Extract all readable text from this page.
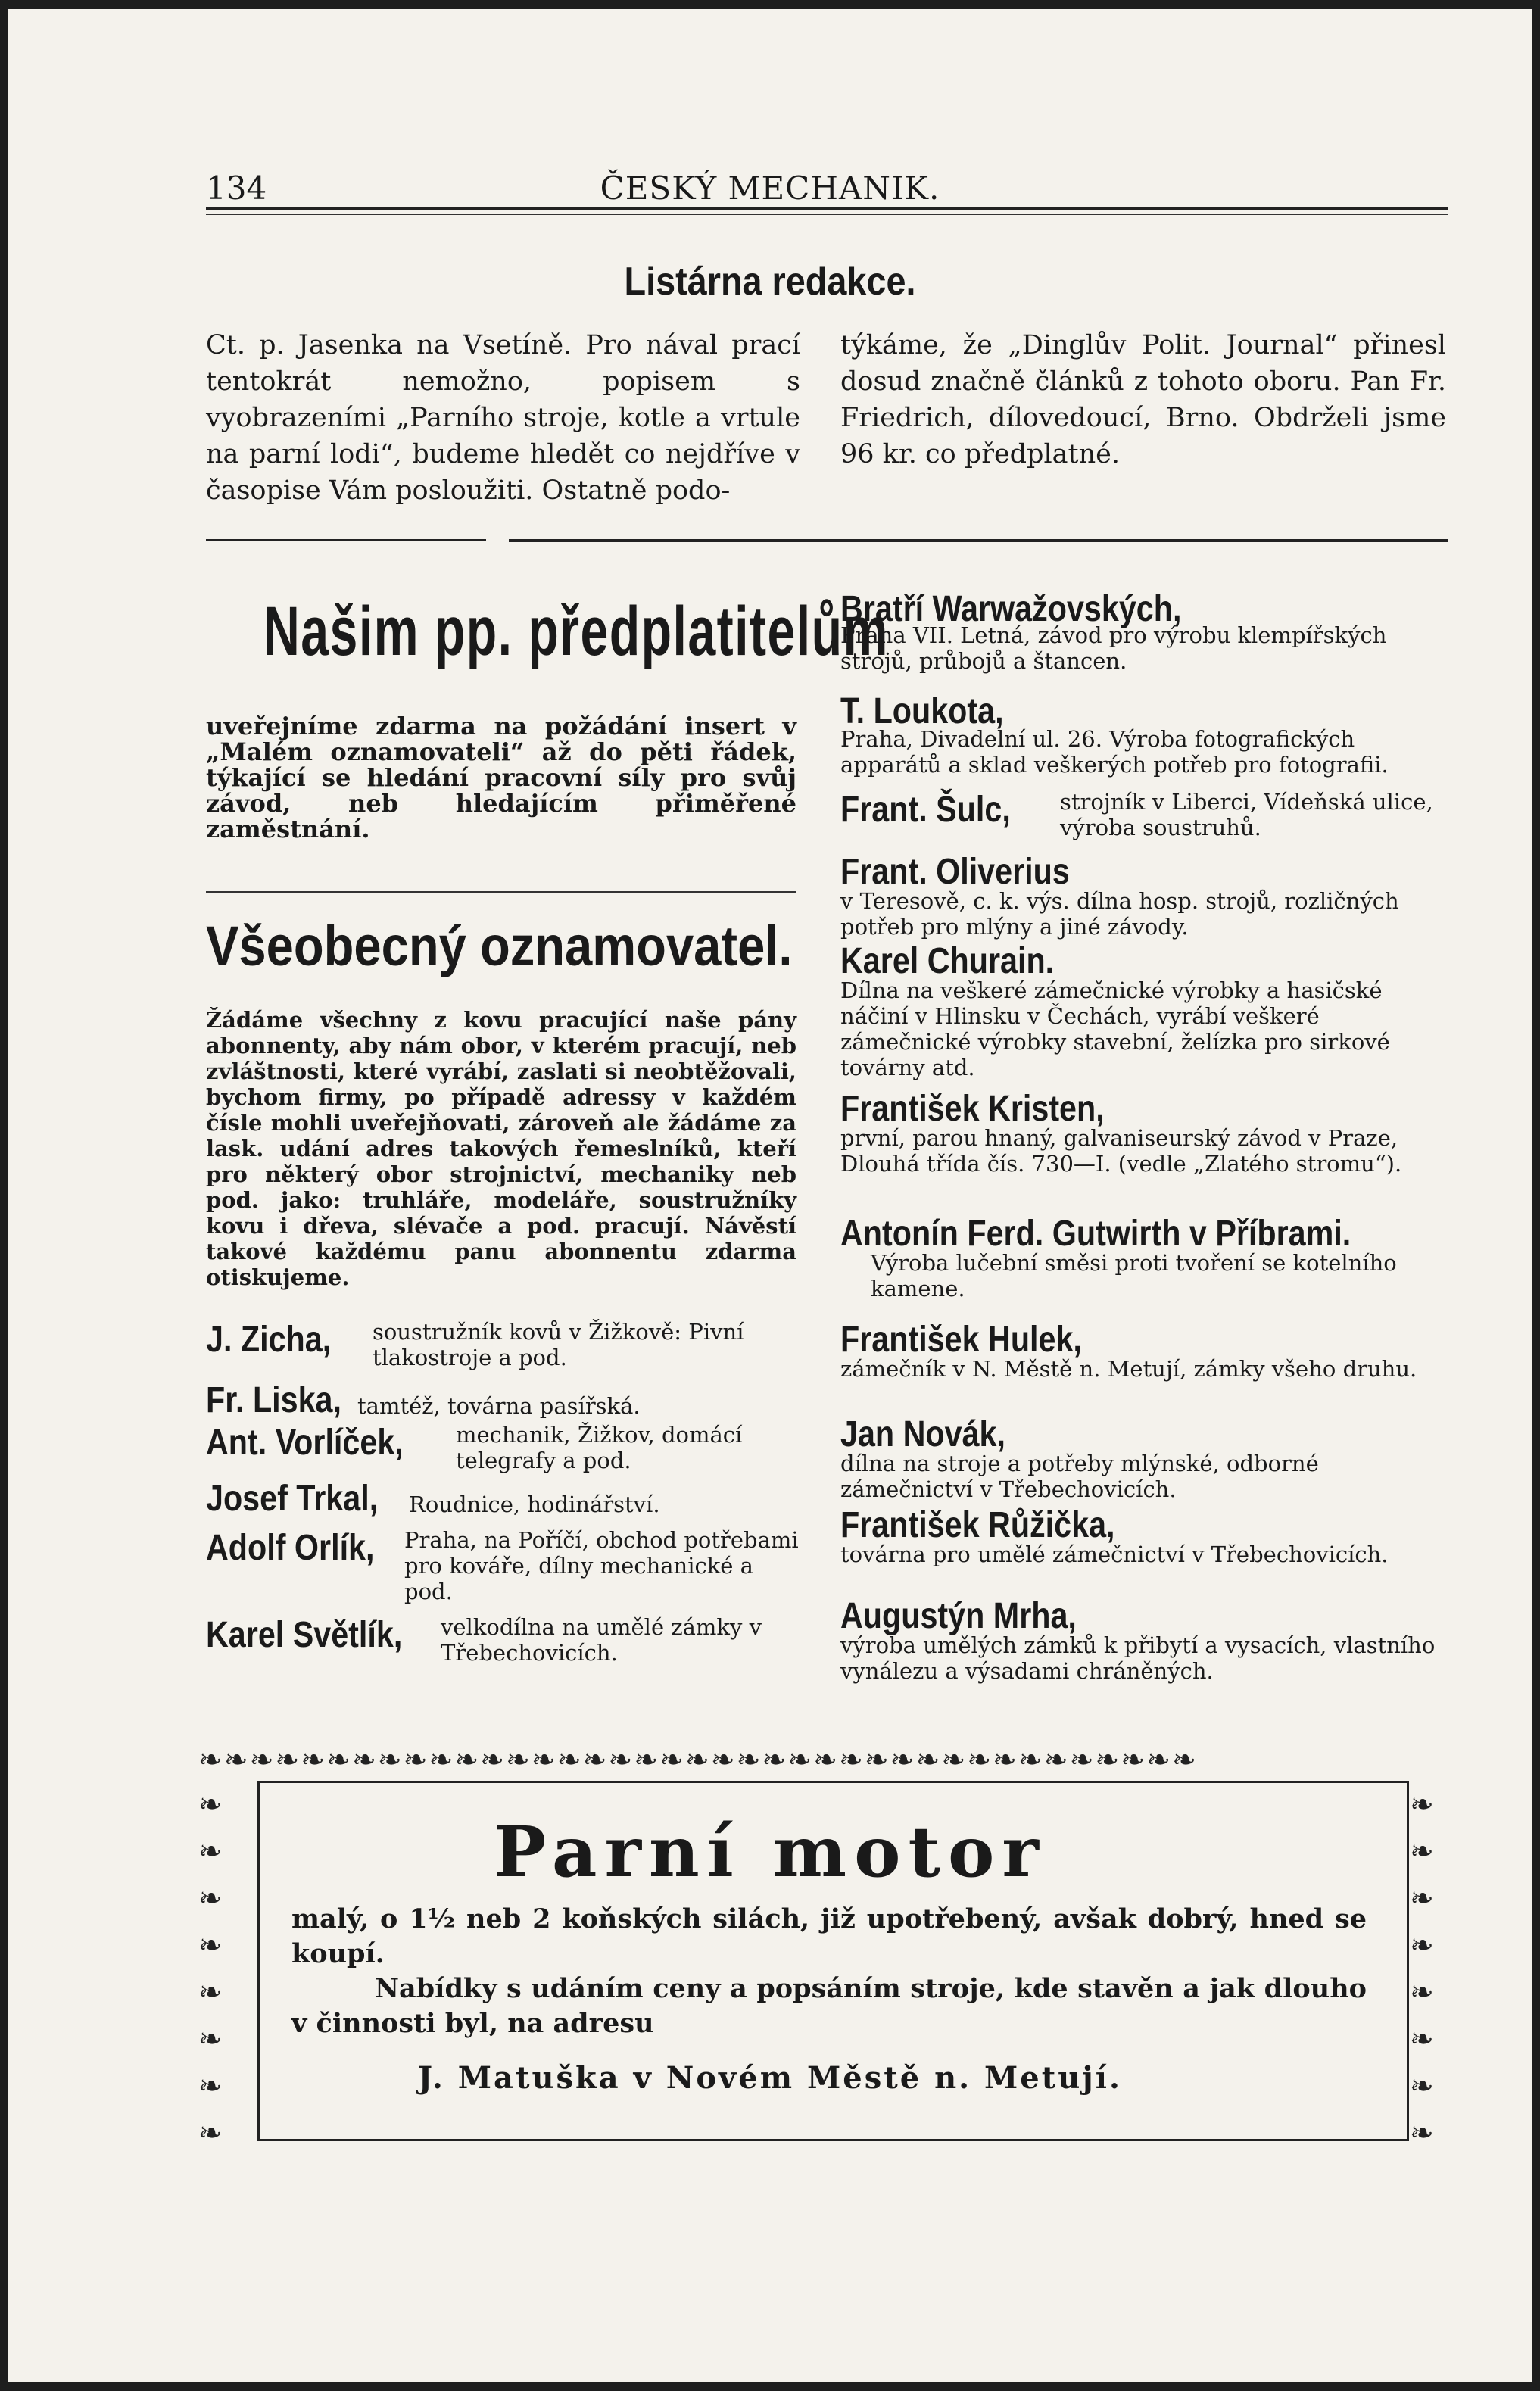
134	ČESKÝ MECHANIK.
Listárna redakce.
Ct. p. Jasenka na Vsetíně. Pro nával prací tentokrát nemožno, popisem s vyobrazeními „Parního stroje, kotle a vrtule na parní lodi“, budeme hledět co nejdříve v časopise Vám posloužiti. Ostatně podo-
týkáme, že „Dinglův Polit. Journal“ přinesl dosud značně článků z tohoto oboru. Pan Fr. Friedrich, dílovedoucí, Brno. Obdrželi jsme 96 kr. co předplatné.
Našim pp. předplatitelům
uveřejníme zdarma na požádání insert v „Malém oznamovateli“ až do pěti řádek, týkající se hledání pracovní síly pro svůj závod, neb hledajícím přiměřené zaměstnání.
Všeobecný oznamovatel.
Žádáme všechny z kovu pracující naše pány abonnenty, aby nám obor, v kterém pracují, neb zvláštnosti, které vyrábí, zaslati si neobtěžovali, bychom firmy, po případě adressy v každém čísle mohli uveřejňovati, zároveň ale žádáme za lask. udání adres takových řemeslníků, kteří pro některý obor strojnictví, mechaniky neb pod. jako: truhláře, modeláře, soustružníky kovu i dřeva, slévače a pod. pracují. Návěstí takové každému panu abonnentu zdarma otiskujeme.
J. Zicha, soustružník kovů v Žižkově: Pivní tlakostroje a pod.
Fr. Liska, tamtéž, továrna pasířská.
Ant. Vorlíček, mechanik, Žižkov, domácí telegrafy a pod.
Josef Trkal, Roudnice, hodinářství.
Adolf Orlík, Praha, na Poříčí, obchod potřebami pro kováře, dílny mechanické a pod.
Karel Světlík, velkodílna na umělé zámky v Třebechovicích.
Bratří Warwažovských,
Praha VII. Letná, závod pro výrobu klempířských strojů, průbojů a štancen.
T. Loukota,
Praha, Divadelní ul. 26. Výroba fotografických apparátů a sklad veškerých potřeb pro fotografii.
Frant. Šulc, strojník v Liberci, Vídeňská ulice, výroba soustruhů.
Frant. Oliverius
v Teresově, c. k. výs. dílna hosp. strojů, rozličných potřeb pro mlýny a jiné závody.
Karel Churain.
Dílna na veškeré zámečnické výrobky a hasičské náčiní v Hlinsku v Čechách, vyrábí veškeré zámečnické výrobky stavební, želízka pro sirkové továrny atd.
František Kristen,
první, parou hnaný, galvaniseurský závod v Praze, Dlouhá třída čís. 730—I. (vedle „Zlatého stromu“).
Antonín Ferd. Gutwirth v Příbrami.
Výroba lučební směsi proti tvoření se kotelního kamene.
František Hulek,
zámečník v N. Městě n. Metují, zámky všeho druhu.
Jan Novák,
dílna na stroje a potřeby mlýnské, odborné zámečnictví v Třebechovicích.
František Růžička,
továrna pro umělé zámečnictví v Třebechovicích.
Augustýn Mrha,
výroba umělých zámků k přibytí a vysacích, vlastního vynálezu a výsadami chráněných.
❧❧❧❧❧❧❧❧❧❧❧❧❧❧❧❧❧❧❧❧❧❧❧❧❧❧❧❧❧❧❧❧❧❧❧❧❧❧❧
❧ ❧ ❧ ❧ ❧ ❧ ❧ ❧
❧ ❧ ❧ ❧ ❧ ❧ ❧ ❧
Parní motor
malý, o 1½ neb 2 koňských silách, již upotřebený, avšak dobrý, hned se koupí.
Nabídky s udáním ceny a popsáním stroje, kde stavěn a jak dlouho v činnosti byl, na adresu
J. Matuška v Novém Městě n. Metují.
